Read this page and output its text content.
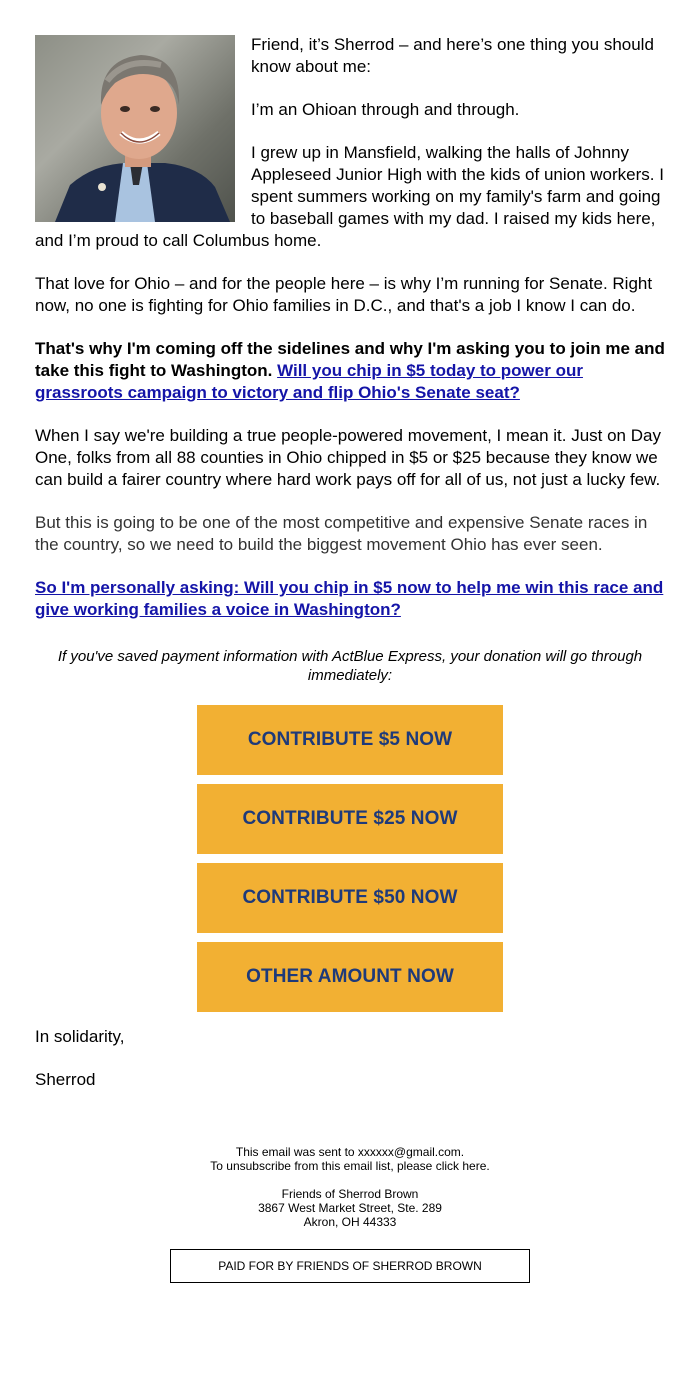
Friend, it’s Sherrod – and here’s one thing you should know about me:

I’m an Ohioan through and through.

I grew up in Mansfield, walking the halls of Johnny Appleseed Junior High with the kids of union workers. I spent summers working on my family's farm and going to baseball games with my dad. I raised my kids here, and I’m proud to call Columbus home.

That love for Ohio – and for the people here – is why I’m running for Senate. Right now, no one is fighting for Ohio families in D.C., and that's a job I know I can do.

That's why I'm coming off the sidelines and why I'm asking you to join me and take this fight to Washington. Will you chip in $5 today to power our grassroots campaign to victory and flip Ohio's Senate seat?

When I say we're building a true people-powered movement, I mean it. Just on Day One, folks from all 88 counties in Ohio chipped in $5 or $25 because they know we can build a fairer country where hard work pays off for all of us, not just a lucky few.

But this is going to be one of the most competitive and expensive Senate races in the country, so we need to build the biggest movement Ohio has ever seen.

So I'm personally asking: Will you chip in $5 now to help me win this race and give working families a voice in Washington?

If you've saved payment information with ActBlue Express, your donation will go through immediately:

CONTRIBUTE $5 NOW
CONTRIBUTE $25 NOW
CONTRIBUTE $50 NOW
OTHER AMOUNT NOW

In solidarity,

Sherrod

This email was sent to xxxxxx@gmail.com.
To unsubscribe from this email list, please click here.
Friends of Sherrod Brown
3867 West Market Street, Ste. 289
Akron, OH 44333
PAID FOR BY FRIENDS OF SHERROD BROWN
